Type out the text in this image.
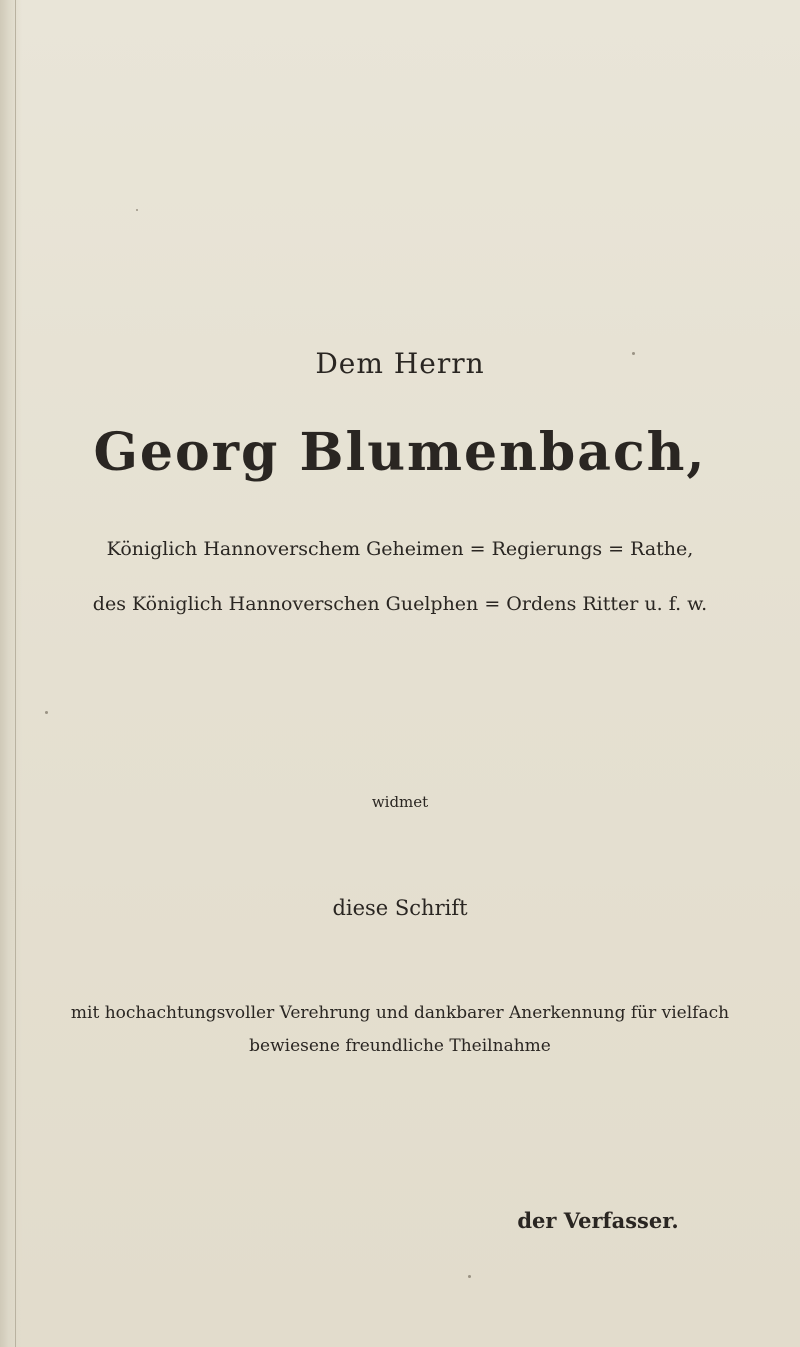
Dem Herrn
Georg Blumenbach,
Königlich Hannoverschem Geheimen = Regierungs = Rathe,
des Königlich Hannoverschen Guelphen = Ordens Ritter u. f. w.
widmet
diese Schrift
mit hochachtungsvoller Verehrung und dankbarer Anerkennung für vielfach
bewiesene freundliche Theilnahme
der Verfasser.
